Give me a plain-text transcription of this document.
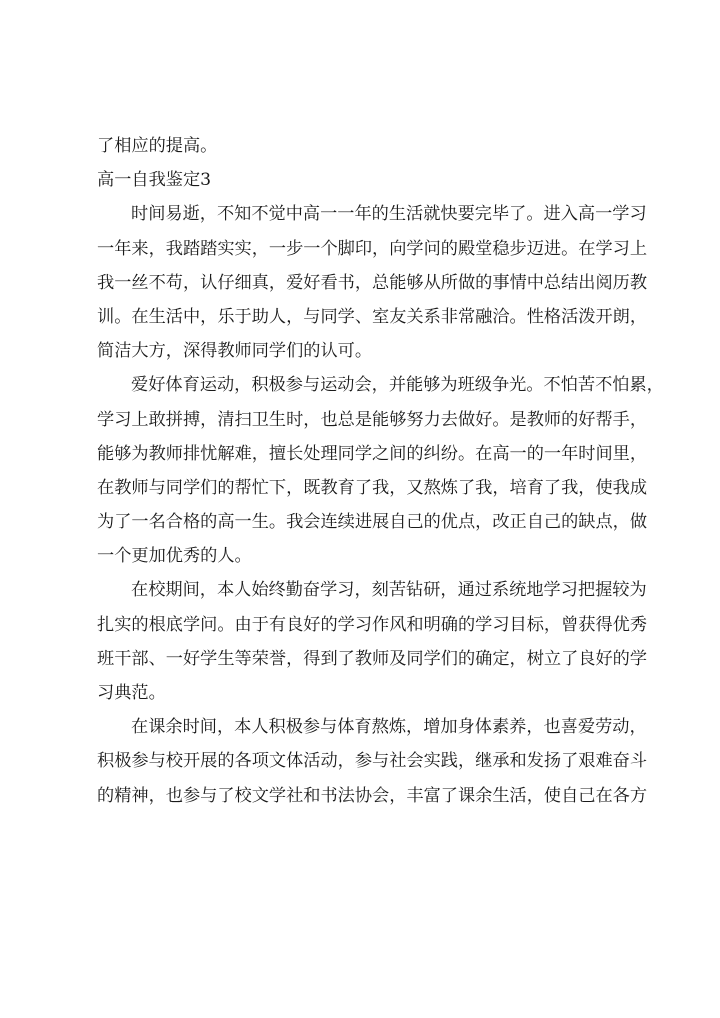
了相应的提高。
高一自我鉴定3
时间易逝，不知不觉中高一一年的生活就快要完毕了。进入高一学习
一年来，我踏踏实实，一步一个脚印，向学问的殿堂稳步迈进。在学习上
我一丝不苟，认仔细真，爱好看书，总能够从所做的事情中总结出阅历教
训。在生活中，乐于助人，与同学、室友关系非常融洽。性格活泼开朗，
简洁大方，深得教师同学们的认可。
爱好体育运动，积极参与运动会，并能够为班级争光。不怕苦不怕累，
学习上敢拼搏，清扫卫生时，也总是能够努力去做好。是教师的好帮手，
能够为教师排忧解难，擅长处理同学之间的纠纷。在高一的一年时间里，
在教师与同学们的帮忙下，既教育了我，又熬炼了我，培育了我，使我成
为了一名合格的高一生。我会连续进展自己的优点，改正自己的缺点，做
一个更加优秀的人。
在校期间，本人始终勤奋学习，刻苦钻研，通过系统地学习把握较为
扎实的根底学问。由于有良好的学习作风和明确的学习目标，曾获得优秀
班干部、一好学生等荣誉，得到了教师及同学们的确定，树立了良好的学
习典范。
在课余时间，本人积极参与体育熬炼，增加身体素养，也喜爱劳动，
积极参与校开展的各项文体活动，参与社会实践，继承和发扬了艰难奋斗
的精神，也参与了校文学社和书法协会，丰富了课余生活，使自己在各方
